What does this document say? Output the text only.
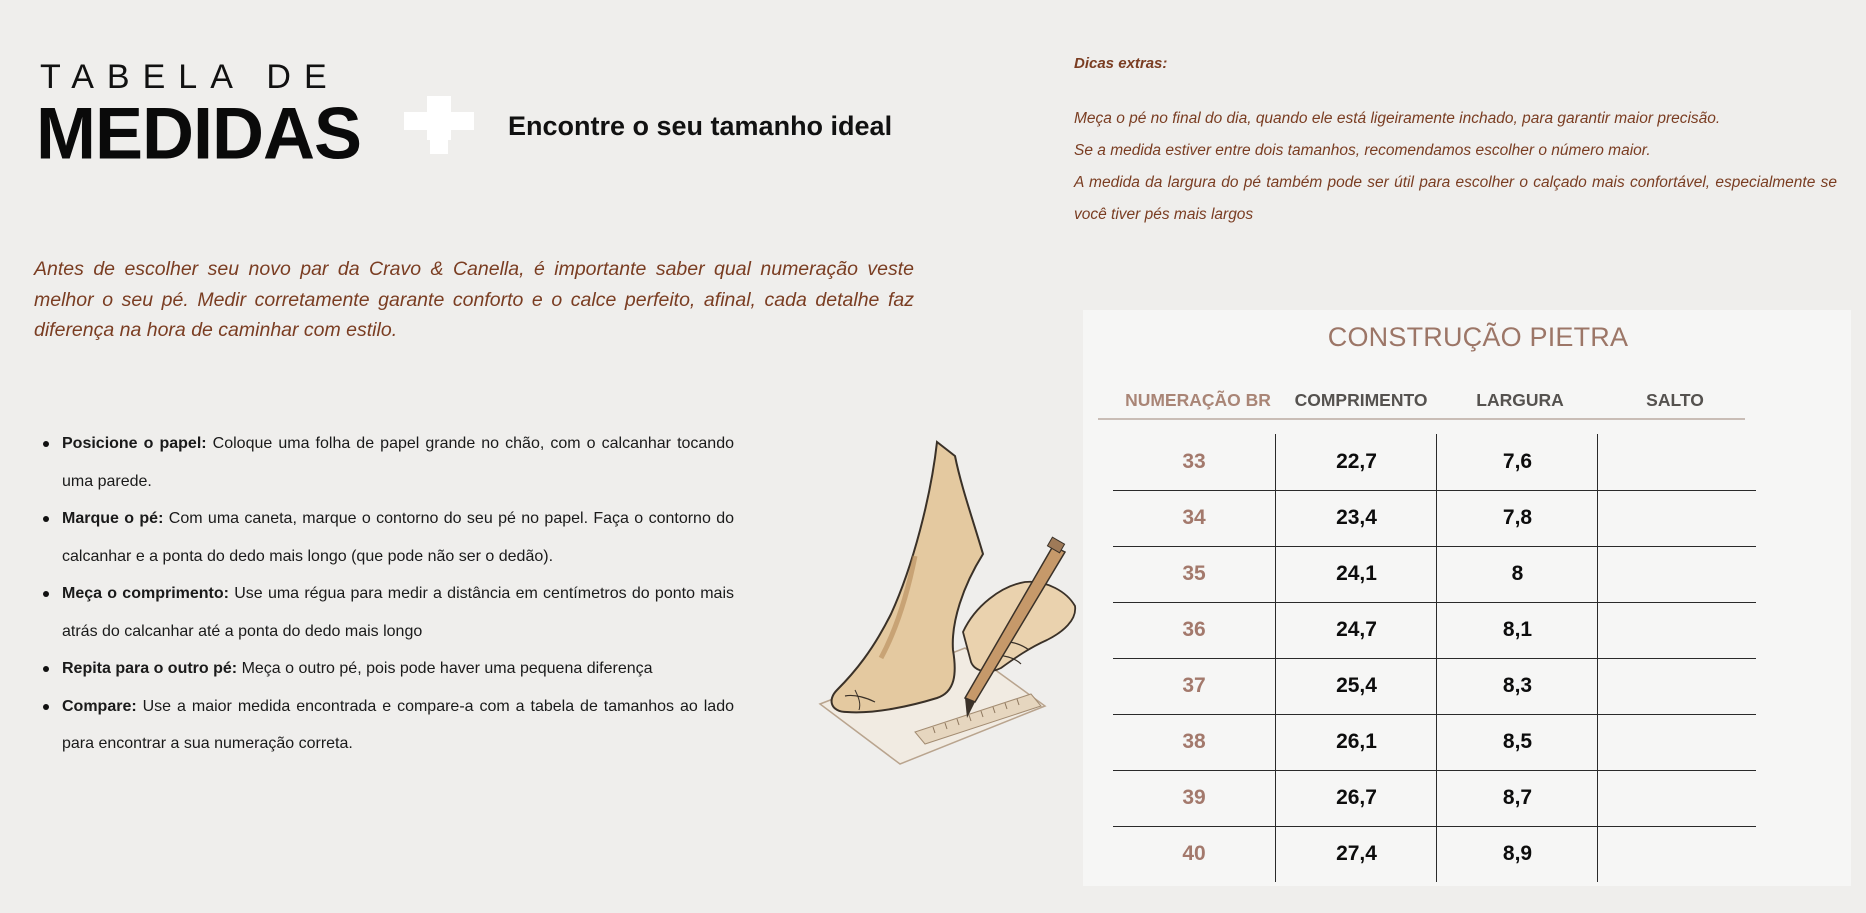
TABELA DE
MEDIDAS	Encontre o seu tamanho ideal
Antes de escolher seu novo par da Cravo & Canella, é importante saber qual numeração veste melhor o seu pé. Medir corretamente garante conforto e o calce perfeito, afinal, cada detalhe faz diferença na hora de caminhar com estilo.
Posicione o papel: Coloque uma folha de papel grande no chão, com o calcanhar tocando uma parede.
Marque o pé: Com uma caneta, marque o contorno do seu pé no papel. Faça o contorno do calcanhar e a ponta do dedo mais longo (que pode não ser o dedão).
Meça o comprimento: Use uma régua para medir a distância em centímetros do ponto mais atrás do calcanhar até a ponta do dedo mais longo
Repita para o outro pé: Meça o outro pé, pois pode haver uma pequena diferença
Compare: Use a maior medida encontrada e compare-a com a tabela de tamanhos ao lado para encontrar a sua numeração correta.
Dicas extras:

Meça o pé no final do dia, quando ele está ligeiramente inchado, para garantir maior precisão.

Se a medida estiver entre dois tamanhos, recomendamos escolher o número maior.

A medida da largura do pé também pode ser útil para escolher o calçado mais confortável, especialmente se você tiver pés mais largos

CONSTRUÇÃO PIETRA
NUMERAÇÃO BR	COMPRIMENTO	LARGURA	SALTO
33	22,7	7,6
34	23,4	7,8
35	24,1	8
36	24,7	8,1
37	25,4	8,3
38	26,1	8,5
39	26,7	8,7
40	27,4	8,9
